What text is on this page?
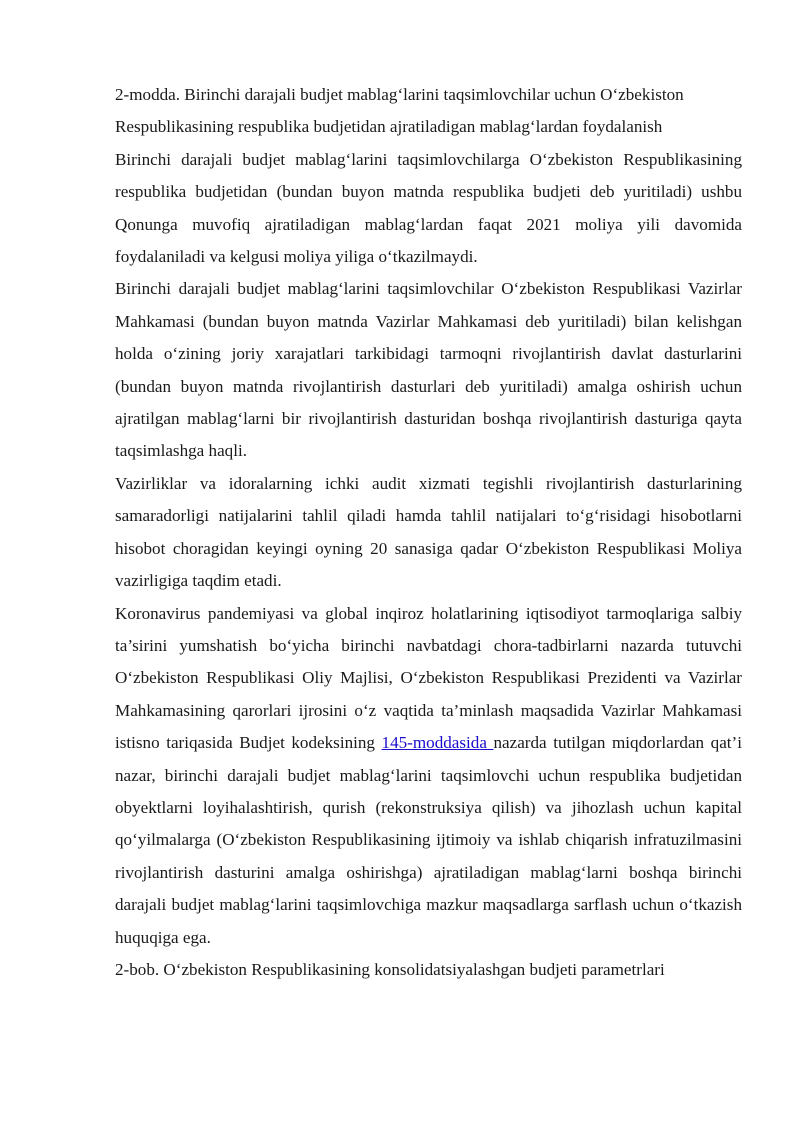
2-modda. Birinchi darajali budjet mablag‘larini taqsimlovchilar uchun O‘zbekiston Respublikasining respublika budjetidan ajratiladigan mablag‘lardan foydalanish

Birinchi darajali budjet mablag‘larini taqsimlovchilarga O‘zbekiston Respublikasining respublika budjetidan (bundan buyon matnda respublika budjeti deb yuritiladi) ushbu Qonunga muvofiq ajratiladigan mablag‘lardan faqat 2021 moliya yili davomida foydalaniladi va kelgusi moliya yiliga o‘tkazilmaydi.

Birinchi darajali budjet mablag‘larini taqsimlovchilar O‘zbekiston Respublikasi Vazirlar Mahkamasi (bundan buyon matnda Vazirlar Mahkamasi deb yuritiladi) bilan kelishgan holda o‘zining joriy xarajatlari tarkibidagi tarmoqni rivojlantirish davlat dasturlarini (bundan buyon matnda rivojlantirish dasturlari deb yuritiladi) amalga oshirish uchun ajratilgan mablag‘larni bir rivojlantirish dasturidan boshqa rivojlantirish dasturiga qayta taqsimlashga haqli.

Vazirliklar va idoralarning ichki audit xizmati tegishli rivojlantirish dasturlarining samaradorligi natijalarini tahlil qiladi hamda tahlil natijalari to‘g‘risidagi hisobotlarni hisobot choragidan keyingi oyning 20 sanasiga qadar O‘zbekiston Respublikasi Moliya vazirligiga taqdim etadi.

Koronavirus pandemiyasi va global inqiroz holatlarining iqtisodiyot tarmoqlariga salbiy ta’sirini yumshatish bo‘yicha birinchi navbatdagi chora-tadbirlarni nazarda tutuvchi O‘zbekiston Respublikasi Oliy Majlisi, O‘zbekiston Respublikasi Prezidenti va Vazirlar Mahkamasining qarorlari ijrosini o‘z vaqtida ta’minlash maqsadida Vazirlar Mahkamasi istisno tariqasida Budjet kodeksining 145-moddasida nazarda tutilgan miqdorlardan qat’i nazar, birinchi darajali budjet mablag‘larini taqsimlovchi uchun respublika budjetidan obyektlarni loyihalashtirish, qurish (rekonstruksiya qilish) va jihozlash uchun kapital qo‘yilmalarga (O‘zbekiston Respublikasining ijtimoiy va ishlab chiqarish infratuzilmasini rivojlantirish dasturini amalga oshirishga) ajratiladigan mablag‘larni boshqa birinchi darajali budjet mablag‘larini taqsimlovchiga mazkur maqsadlarga sarflash uchun o‘tkazish huquqiga ega.

2-bob. O‘zbekiston Respublikasining konsolidatsiyalashgan budjeti parametrlari
